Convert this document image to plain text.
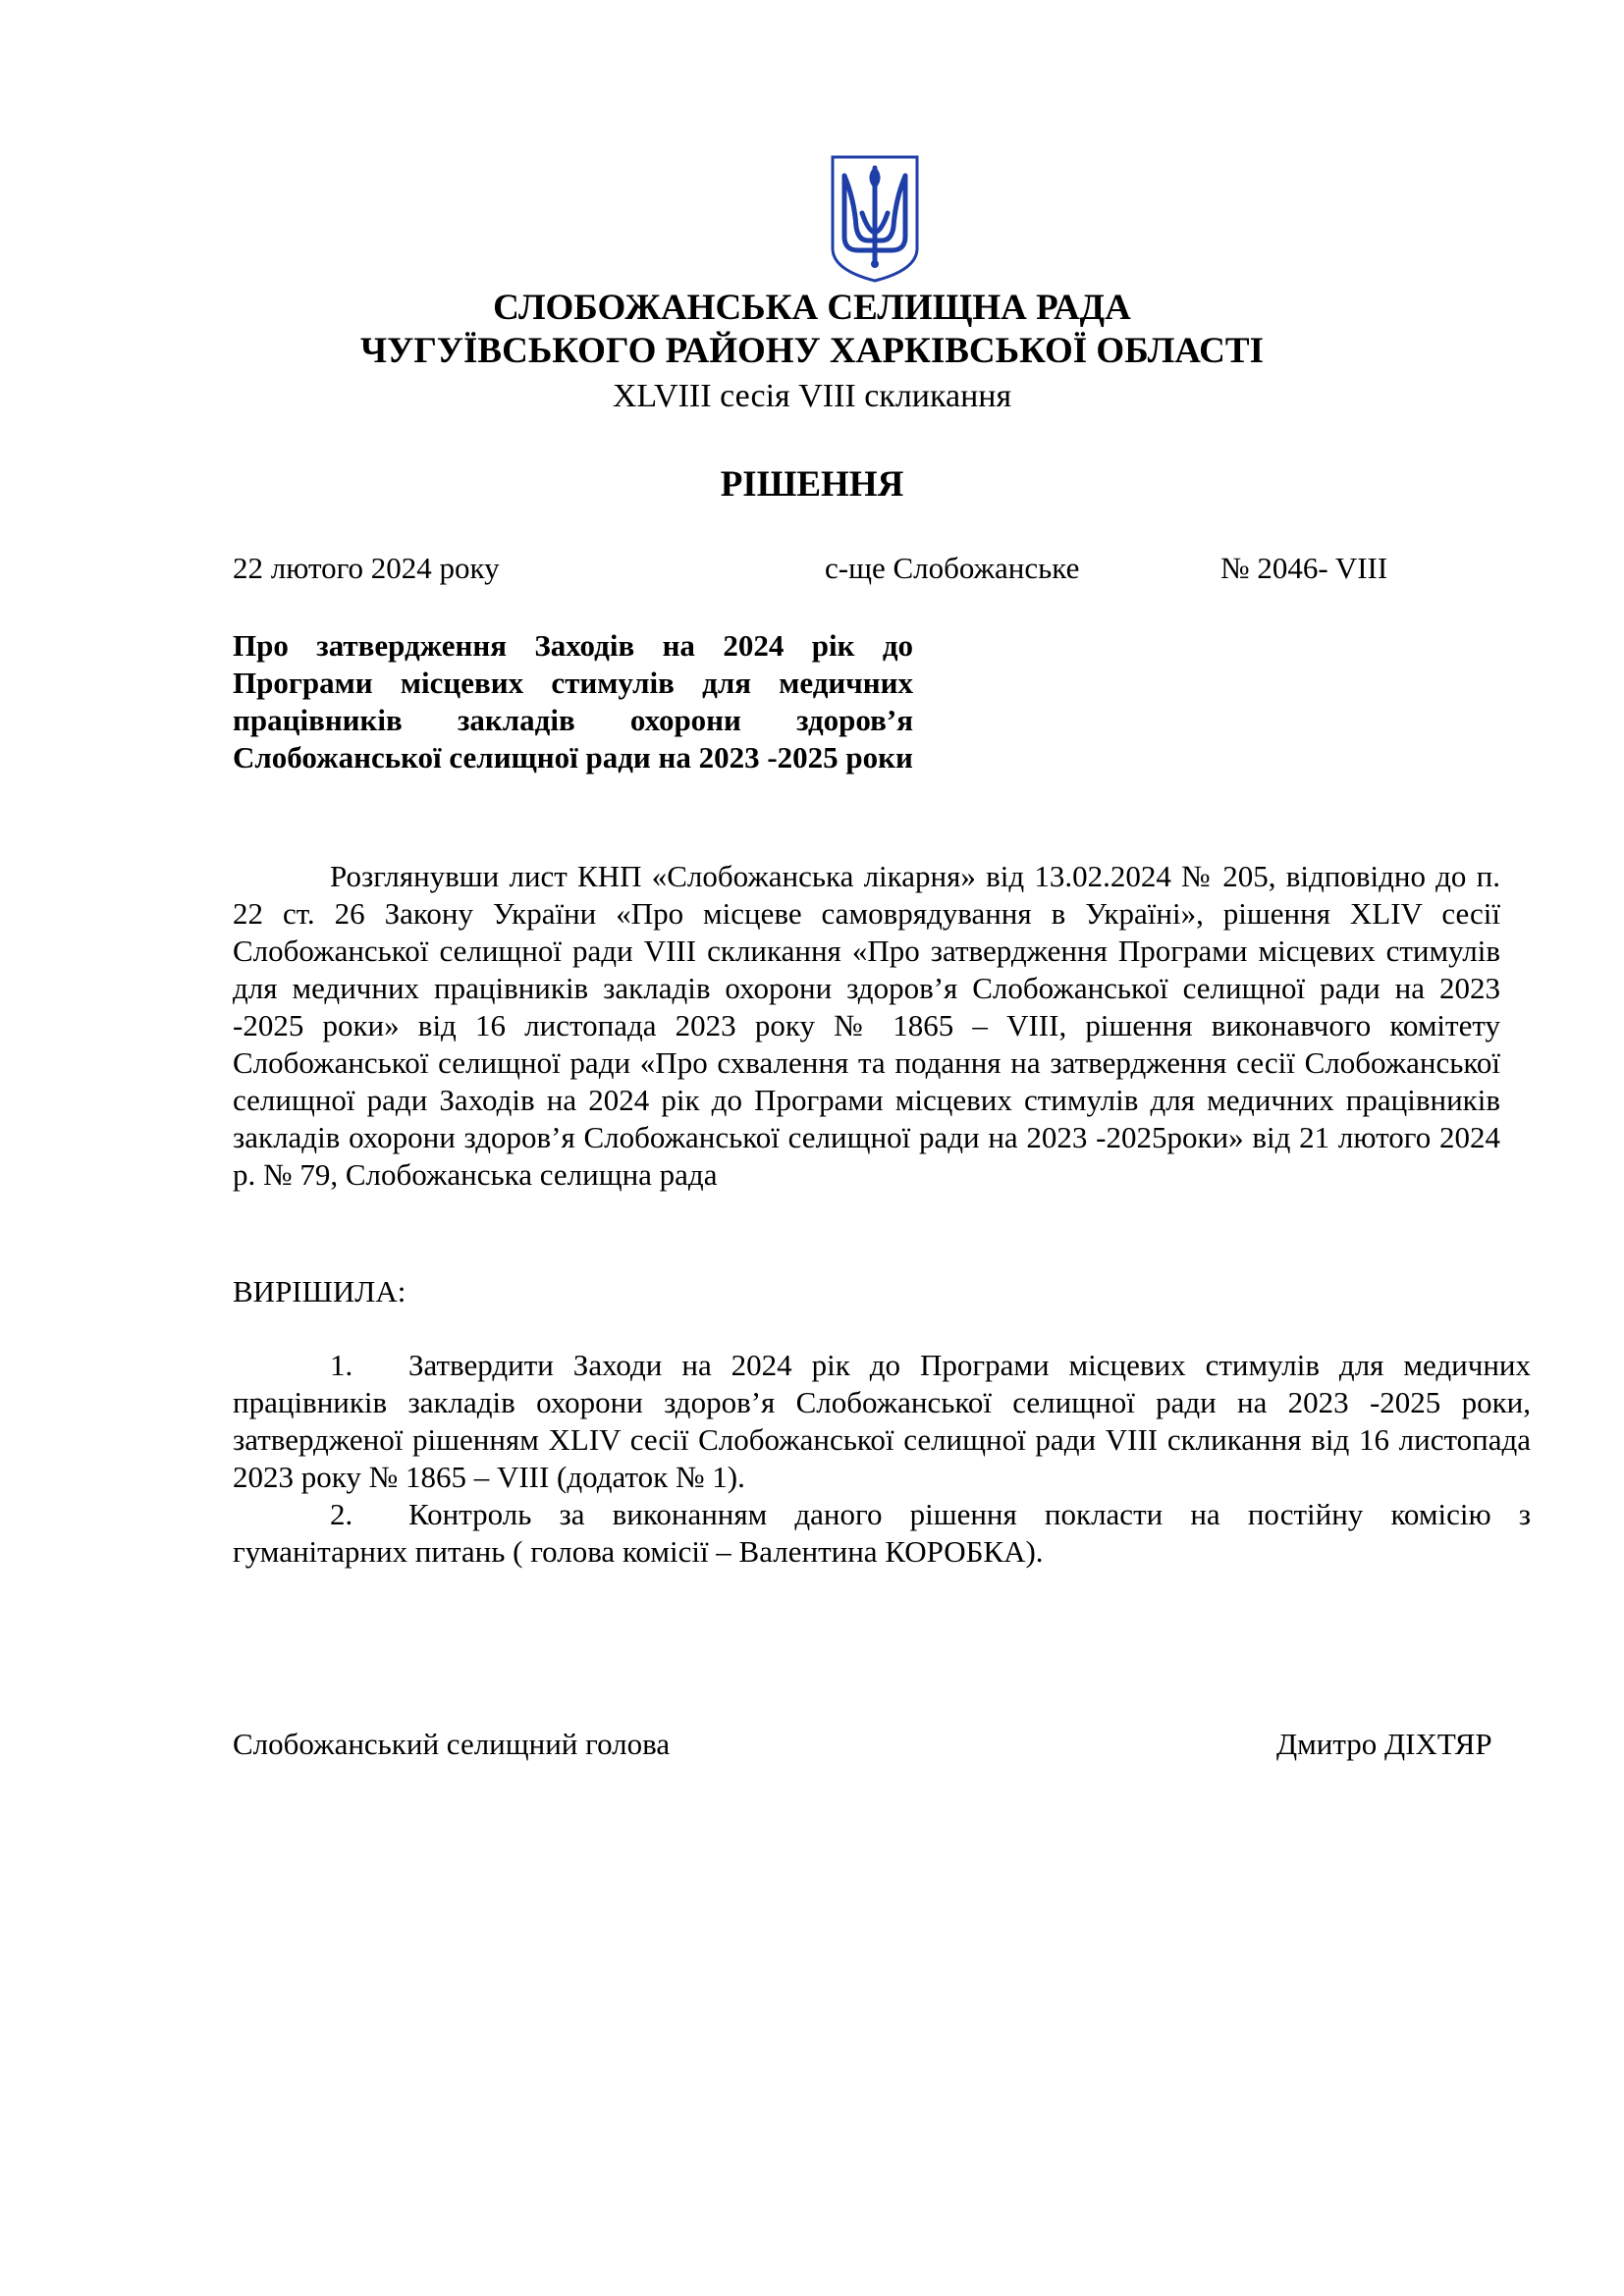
СЛОБОЖАНСЬКА СЕЛИЩНА РАДА
ЧУГУЇВСЬКОГО РАЙОНУ ХАРКІВСЬКОЇ ОБЛАСТІ
XLVIII сесія VIII скликання
РІШЕННЯ
22 лютого 2024 року	с-ще Слобожанське	№ 2046- VIII
Про затвердження Заходів на 2024 рік до Програми місцевих стимулів для медичних працівників закладів охорони здоров’я Слобожанської селищної ради на 2023 -2025 роки
Розглянувши лист КНП «Слобожанська лікарня» від 13.02.2024 № 205, відповідно до п. 22 ст. 26 Закону України «Про місцеве самоврядування в Україні», рішення XLIV сесії Слобожанської селищної ради VIII скликання «Про затвердження Програми місцевих стимулів для медичних працівників закладів охорони здоров’я Слобожанської селищної ради на 2023 -2025 роки» від 16 листопада 2023 року № 1865 – VIII, рішення виконавчого комітету Слобожанської селищної ради «Про схвалення та подання на затвердження сесії Слобожанської селищної ради Заходів на 2024 рік до Програми місцевих стимулів для медичних працівників закладів охорони здоров’я Слобожанської селищної ради на 2023 -2025роки» від 21 лютого 2024 р. № 79, Слобожанська селищна рада
ВИРІШИЛА:

1. Затвердити Заходи на 2024 рік до Програми місцевих стимулів для медичних працівників закладів охорони здоров’я Слобожанської селищної ради на 2023 -2025 роки, затвердженої рішенням XLIV сесії Слобожанської селищної ради VIII скликання від 16 листопада 2023 року № 1865 – VIII (додаток № 1).

2. Контроль за виконанням даного рішення покласти на постійну комісію з гуманітарних питань ( голова комісії – Валентина КОРОБКА).

Слобожанський селищний голова	Дмитро ДІХТЯР
